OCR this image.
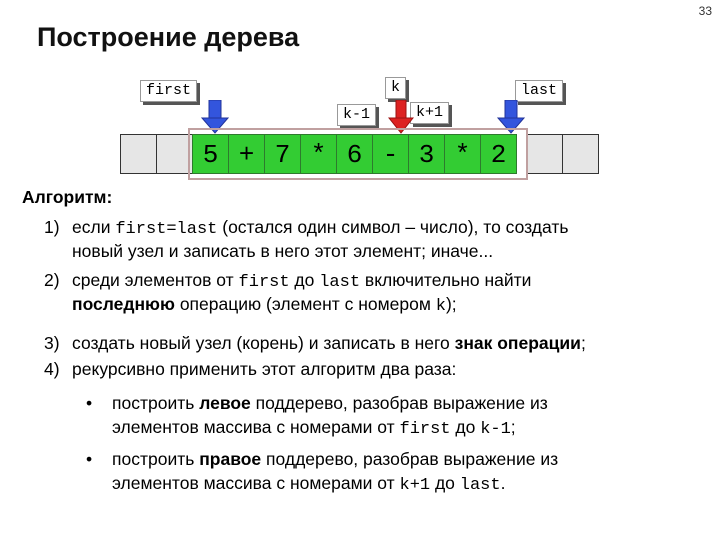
33
Построение дерева
first	k	last
k-1	k+1
5 + 7 * 6 - 3 * 2
Алгоритм:
1) если first=last (остался один символ – число), то создать
новый узел и записать в него этот элемент; иначе...
2) среди элементов от first до last включительно найти
последнюю операцию (элемент с номером k);
3) создать новый узел (корень) и записать в него знак операции;
4) рекурсивно применить этот алгоритм два раза:
• построить левое поддерево, разобрав выражение из
элементов массива с номерами от first до k-1;
• построить правое поддерево, разобрав выражение из
элементов массива с номерами от k+1 до last.
